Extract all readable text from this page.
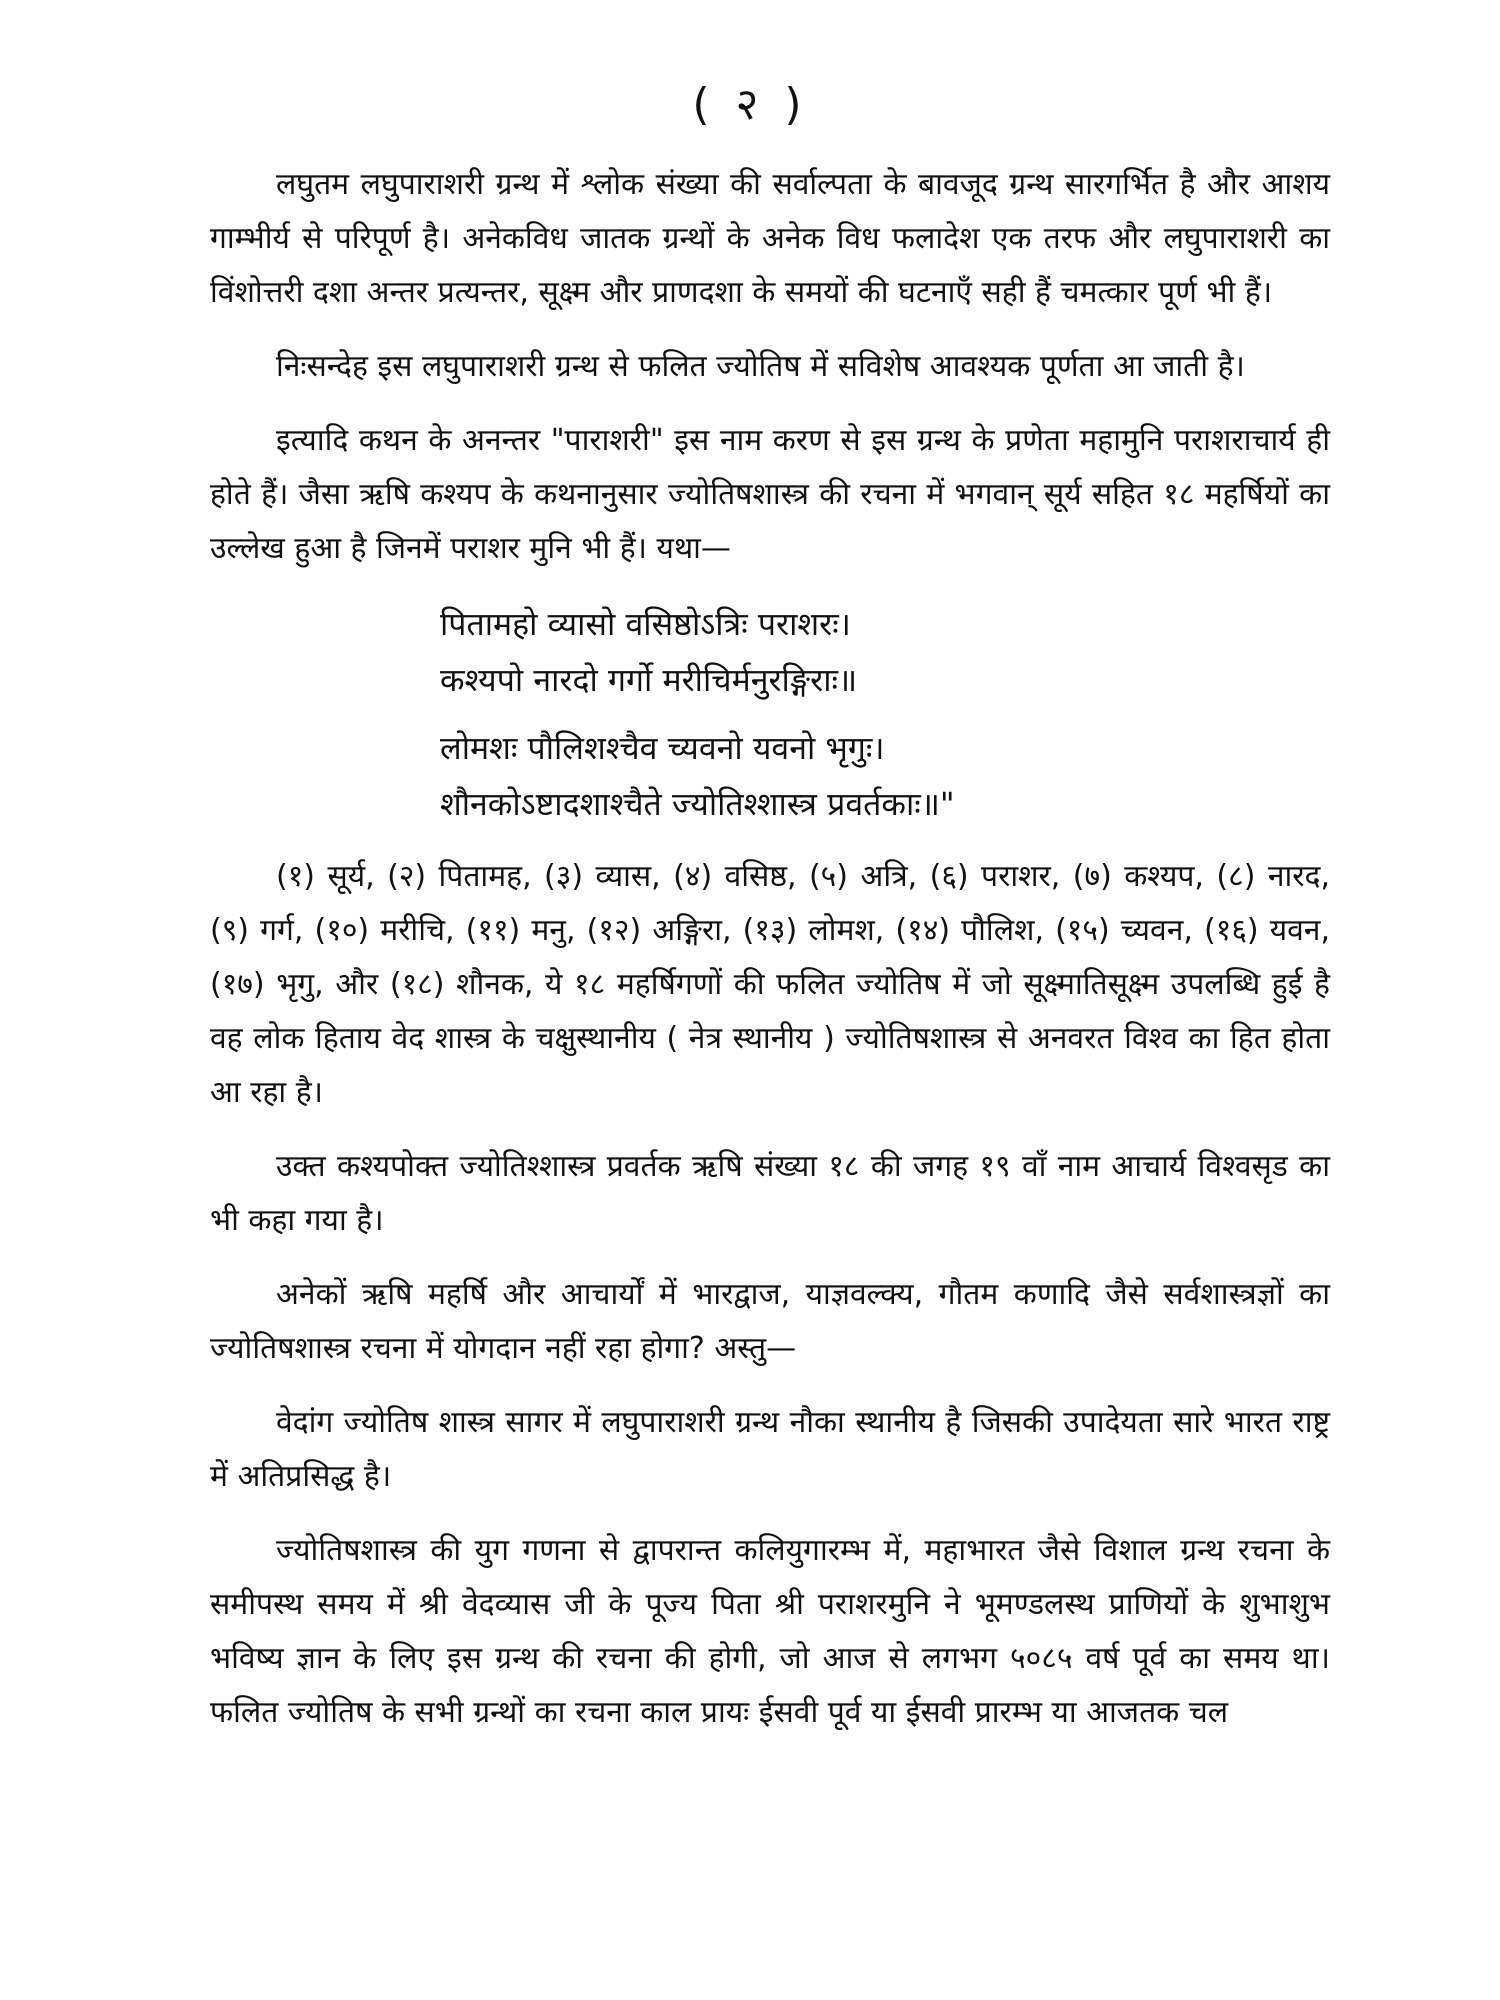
( २ )

लघुतम लघुपाराशरी ग्रन्थ में श्लोक संख्या की सर्वाल्पता के बावजूद ग्रन्थ सारगर्भित है और आशय गाम्भीर्य से परिपूर्ण है। अनेकविध जातक ग्रन्थों के अनेक विध फलादेश एक तरफ और लघुपाराशरी का विंशोत्तरी दशा अन्तर प्रत्यन्तर, सूक्ष्म और प्राणदशा के समयों की घटनाएँ सही हैं चमत्कार पूर्ण भी हैं।

निःसन्देह इस लघुपाराशरी ग्रन्थ से फलित ज्योतिष में सविशेष आवश्यक पूर्णता आ जाती है।

इत्यादि कथन के अनन्तर "पाराशरी" इस नाम करण से इस ग्रन्थ के प्रणेता महामुनि पराशराचार्य ही होते हैं। जैसा ऋषि कश्यप के कथनानुसार ज्योतिषशास्त्र की रचना में भगवान् सूर्य सहित १८ महर्षियों का उल्लेख हुआ है जिनमें पराशर मुनि भी हैं। यथा—

पितामहो व्यासो वसिष्ठोऽत्रिः पराशरः।
कश्यपो नारदो गर्गो मरीचिर्मनुरङ्गिराः॥
लोमशः पौलिशश्चैव च्यवनो यवनो भृगुः।
शौनकोऽष्टादशाश्चैते ज्योतिश्शास्त्र प्रवर्तकाः॥"

(१) सूर्य, (२) पितामह, (३) व्यास, (४) वसिष्ठ, (५) अत्रि, (६) पराशर, (७) कश्यप, (८) नारद, (९) गर्ग, (१०) मरीचि, (११) मनु, (१२) अङ्गिरा, (१३) लोमश, (१४) पौलिश, (१५) च्यवन, (१६) यवन, (१७) भृगु, और (१८) शौनक, ये १८ महर्षिगणों की फलित ज्योतिष में जो सूक्ष्मातिसूक्ष्म उपलब्धि हुई है वह लोक हिताय वेद शास्त्र के चक्षुस्थानीय ( नेत्र स्थानीय ) ज्योतिषशास्त्र से अनवरत विश्व का हित होता आ रहा है।

उक्त कश्यपोक्त ज्योतिश्शास्त्र प्रवर्तक ऋषि संख्या १८ की जगह १९ वाँ नाम आचार्य विश्वसृड का भी कहा गया है।

अनेकों ऋषि महर्षि और आचार्यों में भारद्वाज, याज्ञवल्क्य, गौतम कणादि जैसे सर्वशास्त्रज्ञों का ज्योतिषशास्त्र रचना में योगदान नहीं रहा होगा? अस्तु—

वेदांग ज्योतिष शास्त्र सागर में लघुपाराशरी ग्रन्थ नौका स्थानीय है जिसकी उपादेयता सारे भारत राष्ट्र में अतिप्रसिद्ध है।

ज्योतिषशास्त्र की युग गणना से द्वापरान्त कलियुगारम्भ में, महाभारत जैसे विशाल ग्रन्थ रचना के समीपस्थ समय में श्री वेदव्यास जी के पूज्य पिता श्री पराशरमुनि ने भूमण्डलस्थ प्राणियों के शुभाशुभ भविष्य ज्ञान के लिए इस ग्रन्थ की रचना की होगी, जो आज से लगभग ५०८५ वर्ष पूर्व का समय था। फलित ज्योतिष के सभी ग्रन्थों का रचना काल प्रायः ईसवी पूर्व या ईसवी प्रारम्भ या आजतक चल
